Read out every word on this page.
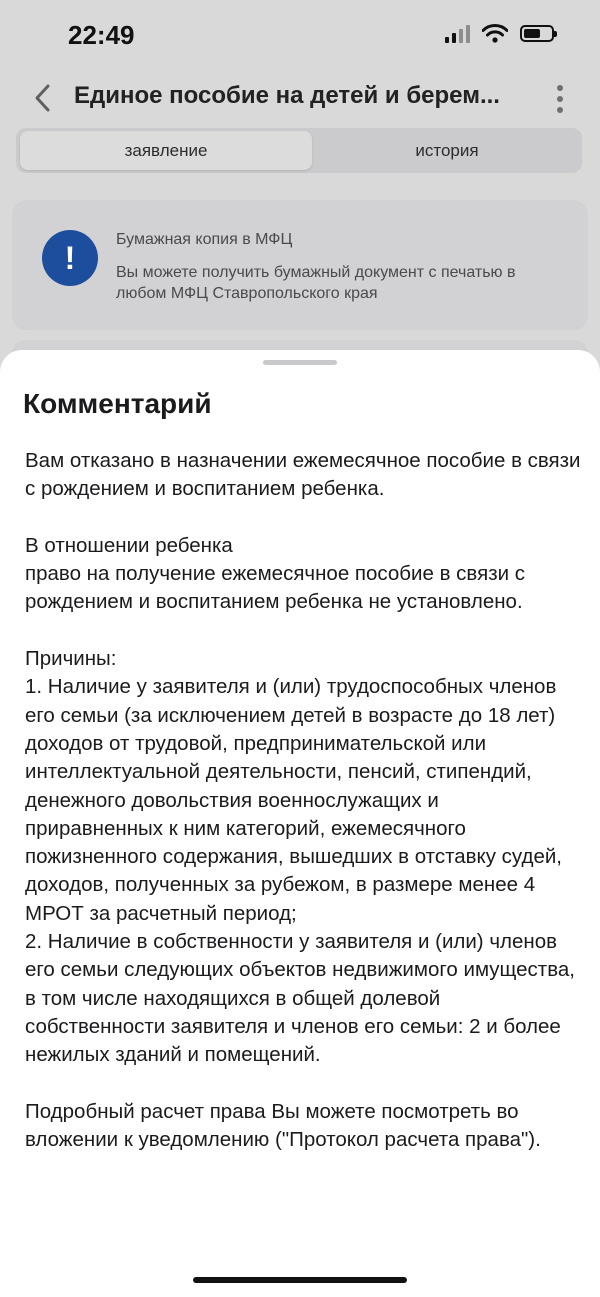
22:49
Единое пособие на детей и берем...
заявление	история
!
Бумажная копия в МФЦ
Вы можете получить бумажный документ с печатью в любом МФЦ Ставропольского края
Комментарий
Вам отказано в назначении ежемесячное пособие в связи с рождением и воспитанием ребенка.

В отношении ребенка
право на получение ежемесячное пособие в связи с рождением и воспитанием ребенка не установлено.

Причины:
1. Наличие у заявителя и (или) трудоспособных членов его семьи (за исключением детей в возрасте до 18 лет) доходов от трудовой, предпринимательской или интеллектуальной деятельности, пенсий, стипендий, денежного довольствия военнослужащих и приравненных к ним категорий, ежемесячного пожизненного содержания, вышедших в отставку судей, доходов, полученных за рубежом, в размере менее 4 МРОТ за расчетный период;
2. Наличие в собственности у заявителя и (или) членов его семьи следующих объектов недвижимого имущества, в том числе находящихся в общей долевой собственности заявителя и членов его семьи: 2 и более нежилых зданий и помещений.

Подробный расчет права Вы можете посмотреть во вложении к уведомлению ("Протокол расчета права").
